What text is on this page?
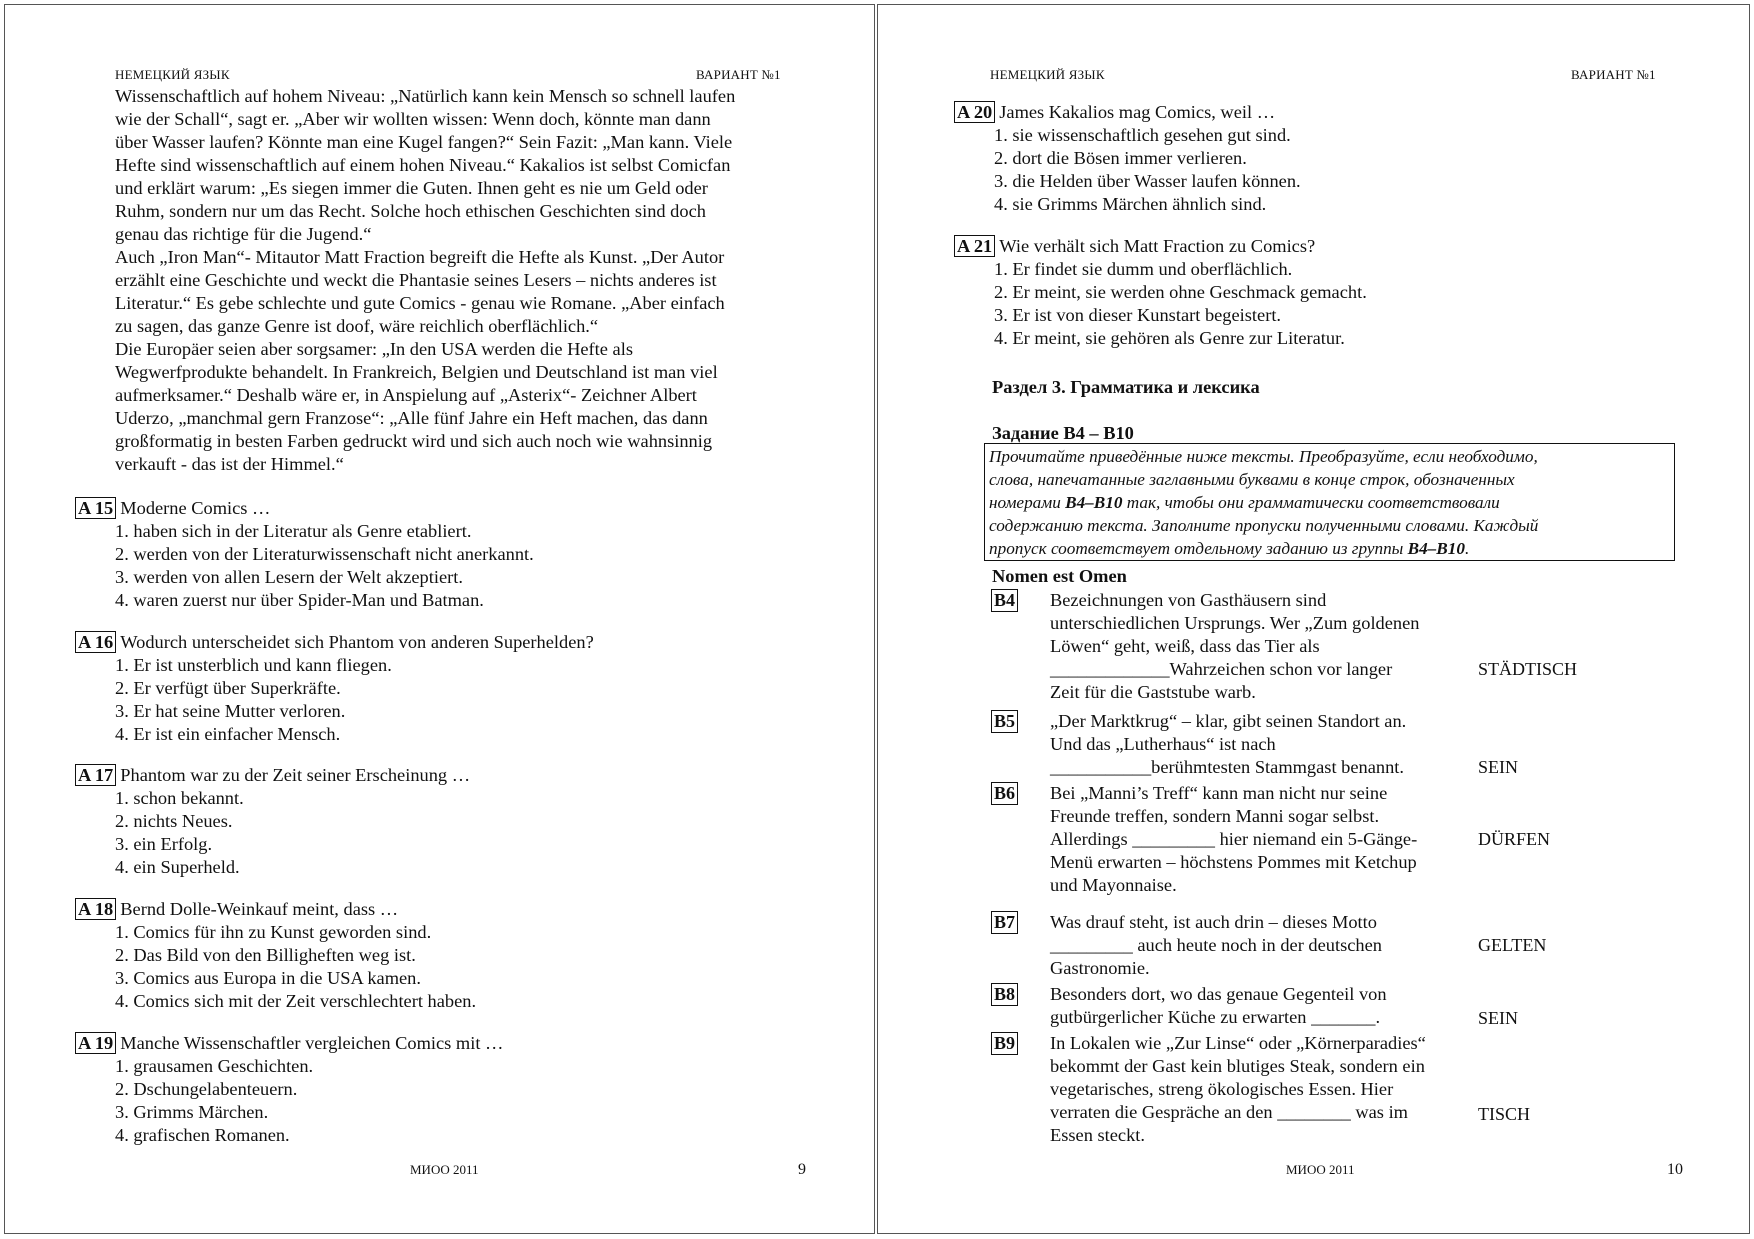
НЕМЕЦКИЙ ЯЗЫК	ВАРИАНТ №1
Wissenschaftlich auf hohem Niveau: „Natürlich kann kein Mensch so schnell laufen
wie der Schall“, sagt er. „Aber wir wollten wissen: Wenn doch, könnte man dann
über Wasser laufen? Könnte man eine Kugel fangen?“ Sein Fazit: „Man kann. Viele
Hefte sind wissenschaftlich auf einem hohen Niveau.“ Kakalios ist selbst Comicfan
und erklärt warum: „Es siegen immer die Guten. Ihnen geht es nie um Geld oder
Ruhm, sondern nur um das Recht. Solche hoch ethischen Geschichten sind doch
genau das richtige für die Jugend.“
Auch „Iron Man“- Mitautor Matt Fraction begreift die Hefte als Kunst. „Der Autor
erzählt eine Geschichte und weckt die Phantasie seines Lesers – nichts anderes ist
Literatur.“ Es gebe schlechte und gute Comics - genau wie Romane. „Aber einfach
zu sagen, das ganze Genre ist doof, wäre reichlich oberflächlich.“
Die Europäer seien aber sorgsamer: „In den USA werden die Hefte als
Wegwerfprodukte behandelt. In Frankreich, Belgien und Deutschland ist man viel
aufmerksamer.“ Deshalb wäre er, in Anspielung auf „Asterix“- Zeichner Albert
Uderzo, „manchmal gern Franzose“: „Alle fünf Jahre ein Heft machen, das dann
großformatig in besten Farben gedruckt wird und sich auch noch wie wahnsinnig
verkauft - das ist der Himmel.“
A 15 Moderne Comics …
1. haben sich in der Literatur als Genre etabliert.
2. werden von der Literaturwissenschaft nicht anerkannt.
3. werden von allen Lesern der Welt akzeptiert.
4. waren zuerst nur über Spider-Man und Batman.
A 16 Wodurch unterscheidet sich Phantom von anderen Superhelden?
1. Er ist unsterblich und kann fliegen.
2. Er verfügt über Superkräfte.
3. Er hat seine Mutter verloren.
4. Er ist ein einfacher Mensch.
A 17 Phantom war zu der Zeit seiner Erscheinung …
1. schon bekannt.
2. nichts Neues.
3. ein Erfolg.
4. ein Superheld.
A 18 Bernd Dolle-Weinkauf meint, dass …
1. Comics für ihn zu Kunst geworden sind.
2. Das Bild von den Billigheften weg ist.
3. Comics aus Europa in die USA kamen.
4. Comics sich mit der Zeit verschlechtert haben.
A 19 Manche Wissenschaftler vergleichen Comics mit …
1. grausamen Geschichten.
2. Dschungelabenteuern.
3. Grimms Märchen.
4. grafischen Romanen.
МИОО 2011	9
НЕМЕЦКИЙ ЯЗЫК	ВАРИАНТ №1
A 20 James Kakalios mag Comics, weil …
1. sie wissenschaftlich gesehen gut sind.
2. dort die Bösen immer verlieren.
3. die Helden über Wasser laufen können.
4. sie Grimms Märchen ähnlich sind.
A 21 Wie verhält sich Matt Fraction zu Comics?
1. Er findet sie dumm und oberflächlich.
2. Er meint, sie werden ohne Geschmack gemacht.
3. Er ist von dieser Kunstart begeistert.
4. Er meint, sie gehören als Genre zur Literatur.
Раздел 3. Грамматика и лексика
Задание B4 – B10
Прочитайте приведённые ниже тексты. Преобразуйте, если необходимо,
слова, напечатанные заглавными буквами в конце строк, обозначенных
номерами B4–B10 так, чтобы они грамматически соответствовали
содержанию текста. Заполните пропуски полученными словами. Каждый
пропуск соответствует отдельному заданию из группы B4–B10.
Nomen est Omen
B4 Bezeichnungen von Gasthäusern sind
unterschiedlichen Ursprungs. Wer „Zum goldenen
Löwen“ geht, weiß, dass das Tier als
_____________Wahrzeichen schon vor langer
Zeit für die Gaststube warb.
STÄDTISCH
B5 „Der Marktkrug“ – klar, gibt seinen Standort an.
Und das „Lutherhaus“ ist nach
___________berühmtesten Stammgast benannt.	SEIN
B6 Bei „Manni’s Treff“ kann man nicht nur seine
Freunde treffen, sondern Manni sogar selbst.
Allerdings _________ hier niemand ein 5-Gänge-
Menü erwarten – höchstens Pommes mit Ketchup
und Mayonnaise.
DÜRFEN
B7 Was drauf steht, ist auch drin – dieses Motto
_________ auch heute noch in der deutschen
Gastronomie.
GELTEN
B8 Besonders dort, wo das genaue Gegenteil von
gutbürgerlicher Küche zu erwarten _______.	SEIN
B9 In Lokalen wie „Zur Linse“ oder „Körnerparadies“
bekommt der Gast kein blutiges Steak, sondern ein
vegetarisches, streng ökologisches Essen. Hier
verraten die Gespräche an den ________ was im
Essen steckt.
TISCH
МИОО 2011	10
